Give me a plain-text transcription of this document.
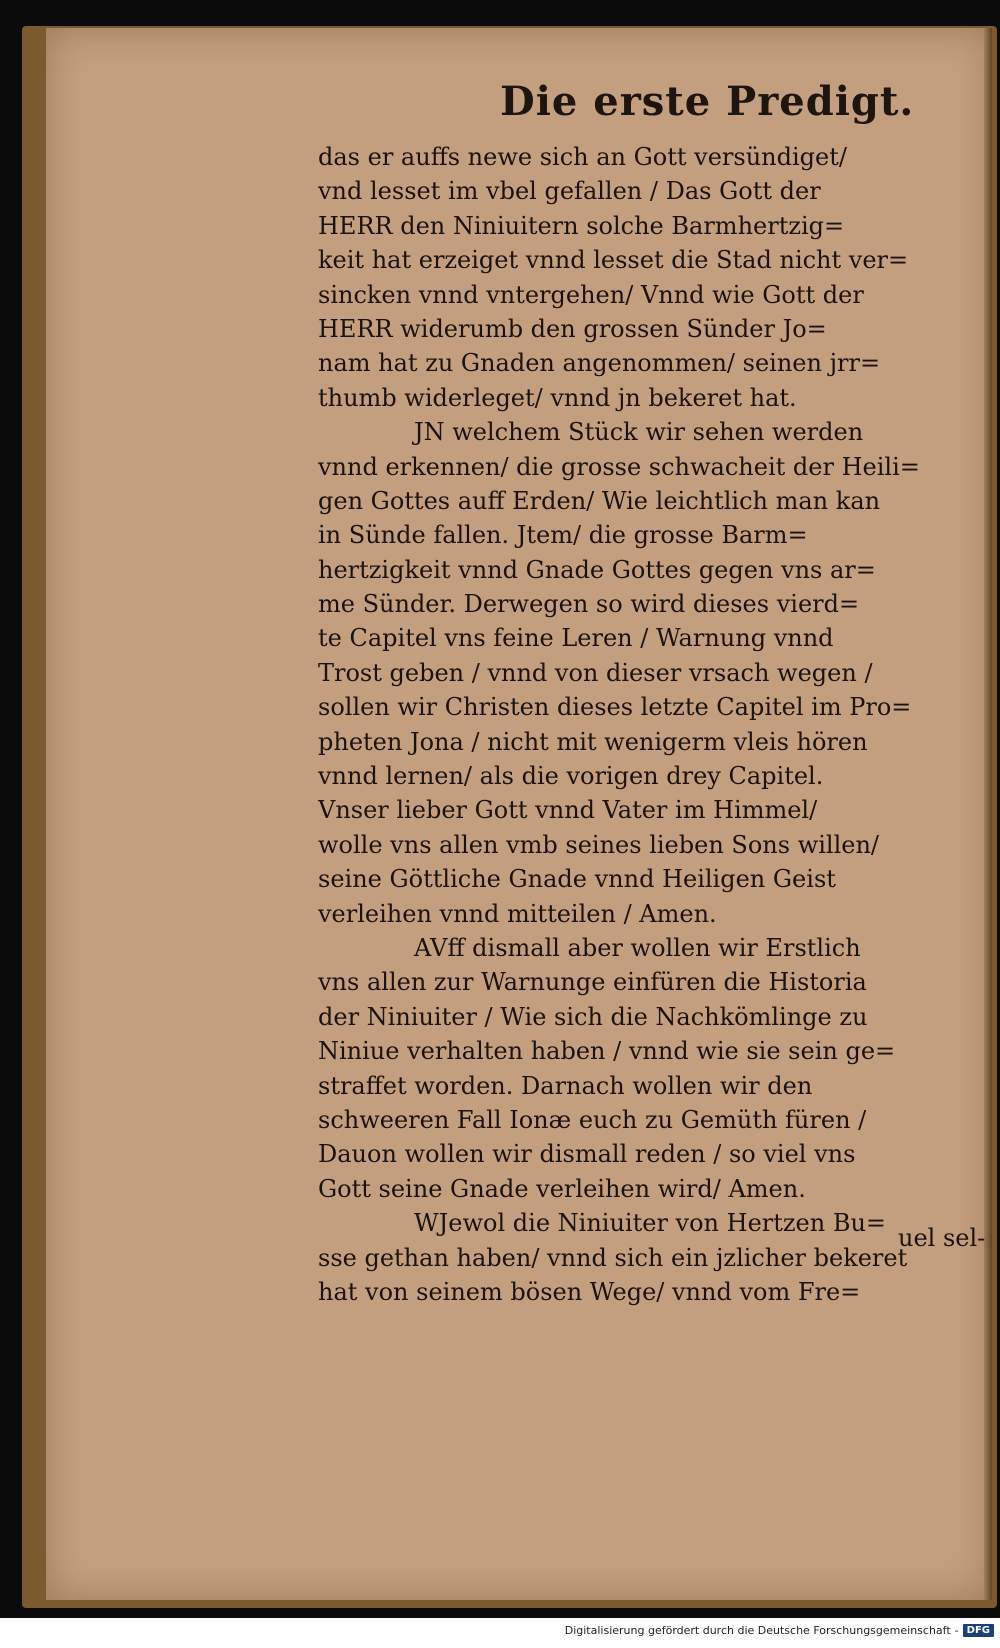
Die erste Predigt.
das er auffs newe sich an Gott versündiget/
vnd lesset im vbel gefallen / Das Gott der
HERR den Niniuitern solche Barmhertzig=
keit hat erzeiget vnnd lesset die Stad nicht ver=
sincken vnnd vntergehen/ Vnnd wie Gott der
HERR widerumb den grossen Sünder Jo=
nam hat zu Gnaden angenommen/ seinen jrr=
thumb widerleget/ vnnd jn bekeret hat.
JN welchem Stück wir sehen werden
vnnd erkennen/ die grosse schwacheit der Heili=
gen Gottes auff Erden/ Wie leichtlich man kan
in Sünde fallen. Jtem/ die grosse Barm=
hertzigkeit vnnd Gnade Gottes gegen vns ar=
me Sünder. Derwegen so wird dieses vierd=
te Capitel vns feine Leren / Warnung vnnd
Trost geben / vnnd von dieser vrsach wegen /
sollen wir Christen dieses letzte Capitel im Pro=
pheten Jona / nicht mit wenigerm vleis hören
vnnd lernen/ als die vorigen drey Capitel.
Vnser lieber Gott vnnd Vater im Himmel/
wolle vns allen vmb seines lieben Sons willen/
seine Göttliche Gnade vnnd Heiligen Geist
verleihen vnnd mitteilen / Amen.
AVff dismall aber wollen wir Erstlich
vns allen zur Warnunge einfüren die Historia
der Niniuiter / Wie sich die Nachkömlinge zu
Niniue verhalten haben / vnnd wie sie sein ge=
straffet worden. Darnach wollen wir den
schweeren Fall Ionæ euch zu Gemüth füren /
Dauon wollen wir dismall reden / so viel vns
Gott seine Gnade verleihen wird/ Amen.
WJewol die Niniuiter von Hertzen Bu=
sse gethan haben/ vnnd sich ein jzlicher bekeret
hat von seinem bösen Wege/ vnnd vom Fre=
uel sel-
Digitalisierung gefördert durch die Deutsche Forschungsgemeinschaft - DFG
